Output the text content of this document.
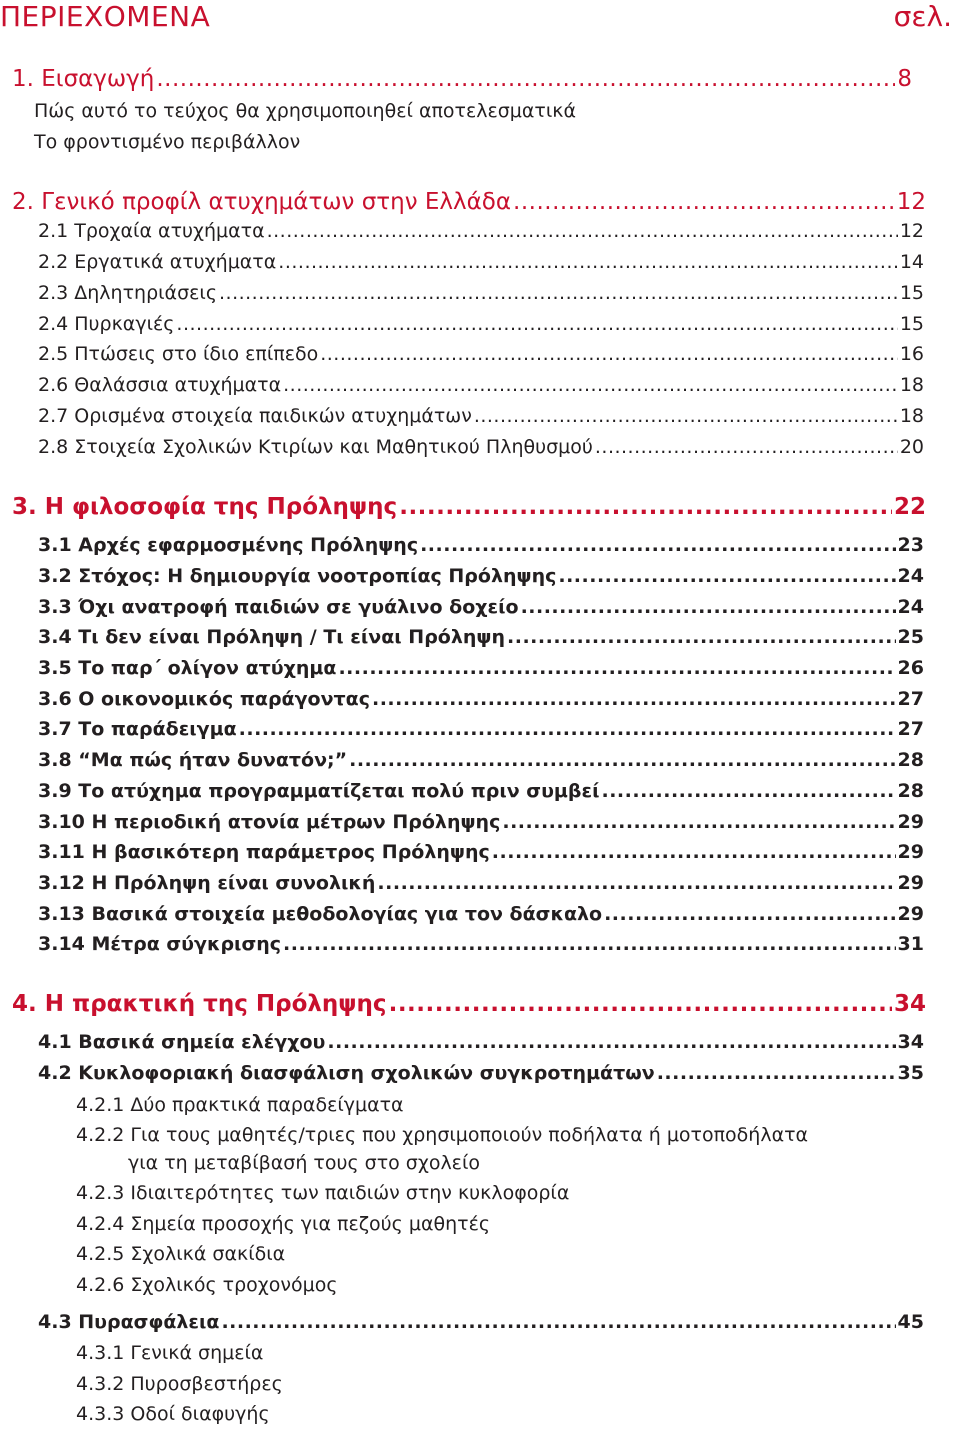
ΠΕΡΙΕΧΟΜΕΝΑ	σελ.
1. Εισαγωγή .....	8
Πώς αυτό το τεύχος θα χρησιμοποιηθεί αποτελεσματικά
Το φροντισμένο περιβάλλον
2. Γενικό προφίλ ατυχημάτων στην Ελλάδα .....	12
2.1 Τροχαία ατυχήματα .....	12
2.2 Εργατικά ατυχήματα .....	14
2.3 Δηλητηριάσεις .....	15
2.4 Πυρκαγιές .....	15
2.5 Πτώσεις στο ίδιο επίπεδο .....	16
2.6 Θαλάσσια ατυχήματα .....	18
2.7 Ορισμένα στοιχεία παιδικών ατυχημάτων .....	18
2.8 Στοιχεία Σχολικών Κτιρίων και Μαθητικού Πληθυσμού .....	20
3. Η φιλοσοφία της Πρόληψης .....	22
3.1 Αρχές εφαρμοσμένης Πρόληψης .....	23
3.2 Στόχος: Η δημιουργία νοοτροπίας Πρόληψης .....	24
3.3 Όχι ανατροφή παιδιών σε γυάλινο δοχείο .....	24
3.4 Τι δεν είναι Πρόληψη / Τι είναι Πρόληψη .....	25
3.5 Το παρ΄ ολίγον ατύχημα .....	26
3.6 Ο οικονομικός παράγοντας .....	27
3.7 Το παράδειγμα .....	27
3.8 “Μα πώς ήταν δυνατόν;” .....	28
3.9 Το ατύχημα προγραμματίζεται πολύ πριν συμβεί .....	28
3.10 Η περιοδική ατονία μέτρων Πρόληψης .....	29
3.11 Η βασικότερη παράμετρος Πρόληψης .....	29
3.12 Η Πρόληψη είναι συνολική .....	29
3.13 Βασικά στοιχεία μεθοδολογίας για τον δάσκαλο .....	29
3.14 Μέτρα σύγκρισης .....	31
4. Η πρακτική της Πρόληψης .....	34
4.1 Βασικά σημεία ελέγχου .....	34
4.2 Κυκλοφοριακή διασφάλιση σχολικών συγκροτημάτων .....	35
4.2.1 Δύο πρακτικά παραδείγματα
4.2.2 Για τους μαθητές/τριες που χρησιμοποιούν ποδήλατα ή μοτοποδήλατα
για τη μεταβίβασή τους στο σχολείο
4.2.3 Ιδιαιτερότητες των παιδιών στην κυκλοφορία
4.2.4 Σημεία προσοχής για πεζούς μαθητές
4.2.5 Σχολικά σακίδια
4.2.6 Σχολικός τροχονόμος
4.3 Πυρασφάλεια .....	45
4.3.1 Γενικά σημεία
4.3.2 Πυροσβεστήρες
4.3.3 Οδοί διαφυγής
